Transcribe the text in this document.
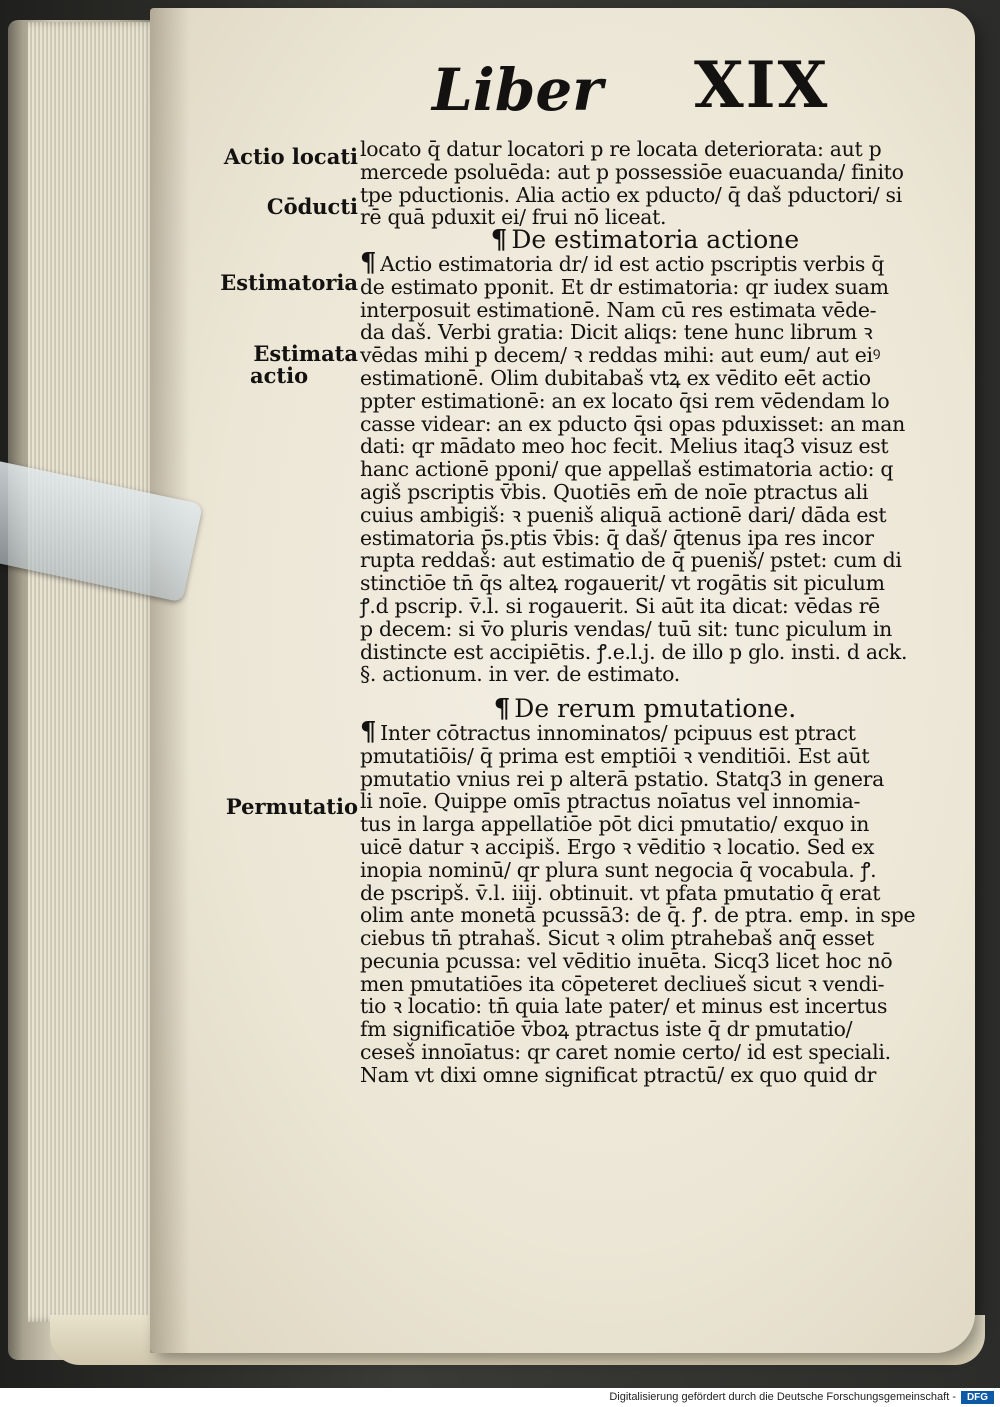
Liber XIX
Actio locati
Cōducti
Estimatoria
Estimata
actio
Permutatio
locato q̄ datur locatori p re locata deteriorata: aut p
mercede psoluēda: aut p possessiōe euacuanda/ finito
tpe pductionis. Alia actio ex pducto/ q̄ daš pductori/ si
rē quā pduxit ei/ frui nō liceat.
¶ De estimatoria actione
¶ Actio estimatoria dr/ id est actio pscriptis verbis q̄
de estimato pponit. Et dr estimatoria: qr iudex suam
interposuit estimationē. Nam cū res estimata vēde-
da daš. Verbi gratia: Dicit aliqs: tene hunc librum ꝛ
vēdas mihi p decem/ ꝛ reddas mihi: aut eum/ aut eiꝰ
estimationē. Olim dubitabaš vtꝝ ex vēdito eēt actio
ppter estimationē: an ex locato q̄si rem vēdendam lo
casse videar: an ex pducto q̄si opas pduxisset: an man
dati: qr mādato meo hoc fecit. Melius itaq3 visuz est
hanc actionē pponi/ que appellaš estimatoria actio: q
agiš pscriptis v̄bis. Quotiēs em̄ de noīe ptractus ali
cuius ambigiš: ꝛ pueniš aliquā actionē dari/ dāda est
estimatoria p̄s.ptis v̄bis: q̄ daš/ q̄tenus ipa res incor
rupta reddaš: aut estimatio de q̄ pueniš/ pstet: cum di
stinctiōe tn̄ q̄s alteꝝ rogauerit/ vt rogātis sit piculum
ꝭ.d pscrip. v̄.l. si rogauerit. Si aūt ita dicat: vēdas rē
p decem: si v̄o pluris vendas/ tuū sit: tunc piculum in
distincte est accipiētis. ꝭ.e.l.j. de illo p glo. insti. d ack.
§. actionum. in ver. de estimato.
¶ De rerum pmutatione.
¶ Inter cōtractus innominatos/ pcipuus est ptract
pmutatiōis/ q̄ prima est emptiōi ꝛ venditiōi. Est aūt
pmutatio vnius rei p alterā pstatio. Statq3 in genera
li noīe. Quippe omīs ptractus noīatus vel innomia-
tus in larga appellatiōe pōt dici pmutatio/ exquo in
uicē datur ꝛ accipiš. Ergo ꝛ vēditio ꝛ locatio. Sed ex
inopia nominū/ qr plura sunt negocia q̄ vocabula. ꝭ.
de pscripš. v̄.l. iiij. obtinuit. vt pfata pmutatio q̄ erat
olim ante monetā pcussā3: de q̄. ꝭ. de ptra. emp. in spe
ciebus tn̄ ptrahaš. Sicut ꝛ olim ptrahebaš anq̄ esset
pecunia pcussa: vel vēditio inuēta. Sicq3 licet hoc nō
men pmutatiōes ita cōpeteret decliueš sicut ꝛ vendi-
tio ꝛ locatio: tn̄ quia late pater/ et minus est incertus
fm significatiōe v̄boꝝ ptractus iste q̄ dr pmutatio/
ceseš innoīatus: qr caret nomie certo/ id est speciali.
Nam vt dixi omne significat ptractū/ ex quo quid dr
Digitalisierung gefördert durch die Deutsche Forschungsgemeinschaft -	DFG
